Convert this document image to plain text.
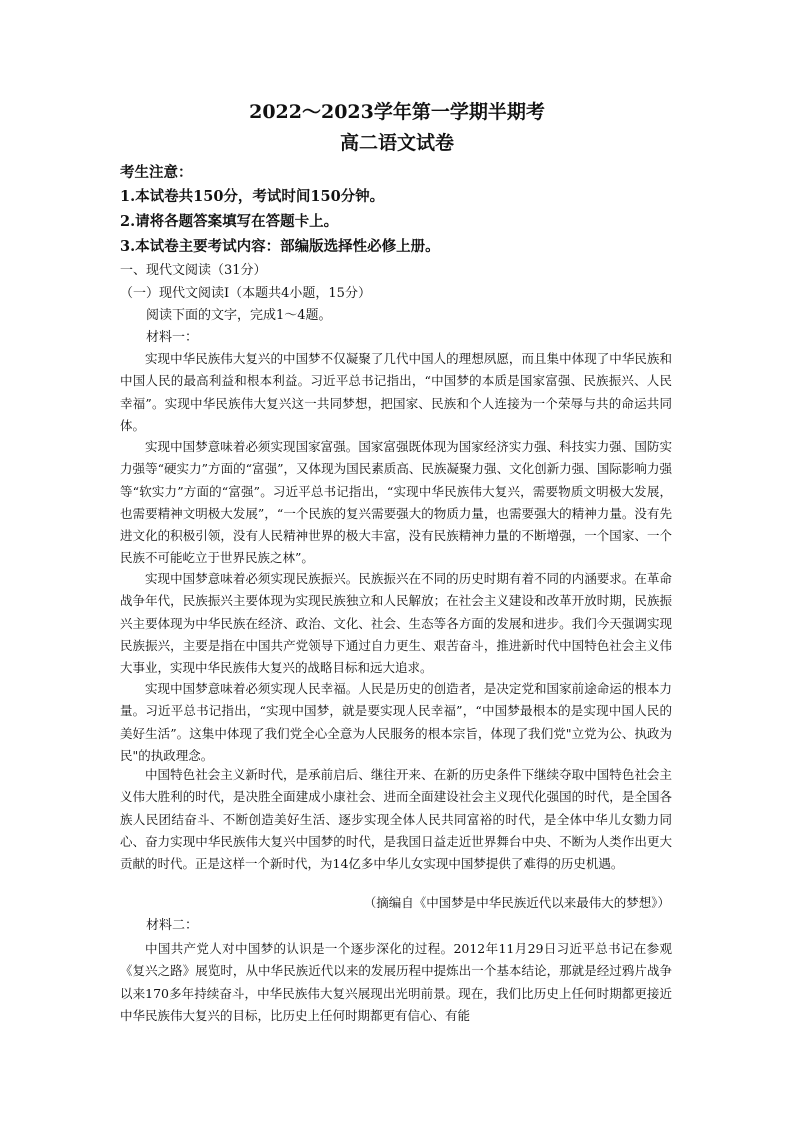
2022～2023学年第一学期半期考
高二语文试卷
考生注意：
1.本试卷共150分，考试时间150分钟。
2.请将各题答案填写在答题卡上。
3.本试卷主要考试内容：部编版选择性必修上册。
一、现代文阅读（31分）
（一）现代文阅读Ⅰ（本题共4小题，15分）
阅读下面的文字，完成1～4题。
材料一：

实现中华民族伟大复兴的中国梦不仅凝聚了几代中国人的理想夙愿，而且集中体现了中华民族和中国人民的最高利益和根本利益。习近平总书记指出，“中国梦的本质是国家富强、民族振兴、人民幸福”。实现中华民族伟大复兴这一共同梦想，把国家、民族和个人连接为一个荣辱与共的命运共同体。

实现中国梦意味着必须实现国家富强。国家富强既体现为国家经济实力强、科技实力强、国防实力强等“硬实力”方面的“富强”，又体现为国民素质高、民族凝聚力强、文化创新力强、国际影响力强等“软实力”方面的“富强”。习近平总书记指出，“实现中华民族伟大复兴，需要物质文明极大发展，也需要精神文明极大发展”，“一个民族的复兴需要强大的物质力量，也需要强大的精神力量。没有先进文化的积极引领，没有人民精神世界的极大丰富，没有民族精神力量的不断增强，一个国家、一个民族不可能屹立于世界民族之林”。

实现中国梦意味着必须实现民族振兴。民族振兴在不同的历史时期有着不同的内涵要求。在革命战争年代，民族振兴主要体现为实现民族独立和人民解放；在社会主义建设和改革开放时期，民族振兴主要体现为中华民族在经济、政治、文化、社会、生态等各方面的发展和进步。我们今天强调实现民族振兴，主要是指在中国共产党领导下通过自力更生、艰苦奋斗，推进新时代中国特色社会主义伟大事业，实现中华民族伟大复兴的战略目标和远大追求。

实现中国梦意味着必须实现人民幸福。人民是历史的创造者，是决定党和国家前途命运的根本力量。习近平总书记指出，“实现中国梦，就是要实现人民幸福”，“中国梦最根本的是实现中国人民的美好生活”。这集中体现了我们党全心全意为人民服务的根本宗旨，体现了我们党"立党为公、执政为民"的执政理念。

中国特色社会主义新时代，是承前启后、继往开来、在新的历史条件下继续夺取中国特色社会主义伟大胜利的时代，是决胜全面建成小康社会、进而全面建设社会主义现代化强国的时代，是全国各族人民团结奋斗、不断创造美好生活、逐步实现全体人民共同富裕的时代，是全体中华儿女勠力同心、奋力实现中华民族伟大复兴中国梦的时代，是我国日益走近世界舞台中央、不断为人类作出更大贡献的时代。正是这样一个新时代，为14亿多中华儿女实现中国梦提供了难得的历史机遇。

（摘编自《中国梦是中华民族近代以来最伟大的梦想》）
材料二：

中国共产党人对中国梦的认识是一个逐步深化的过程。2012年11月29日习近平总书记在参观《复兴之路》展览时，从中华民族近代以来的发展历程中提炼出一个基本结论，那就是经过鸦片战争以来170多年持续奋斗，中华民族伟大复兴展现出光明前景。现在，我们比历史上任何时期都更接近中华民族伟大复兴的目标，比历史上任何时期都更有信心、有能
